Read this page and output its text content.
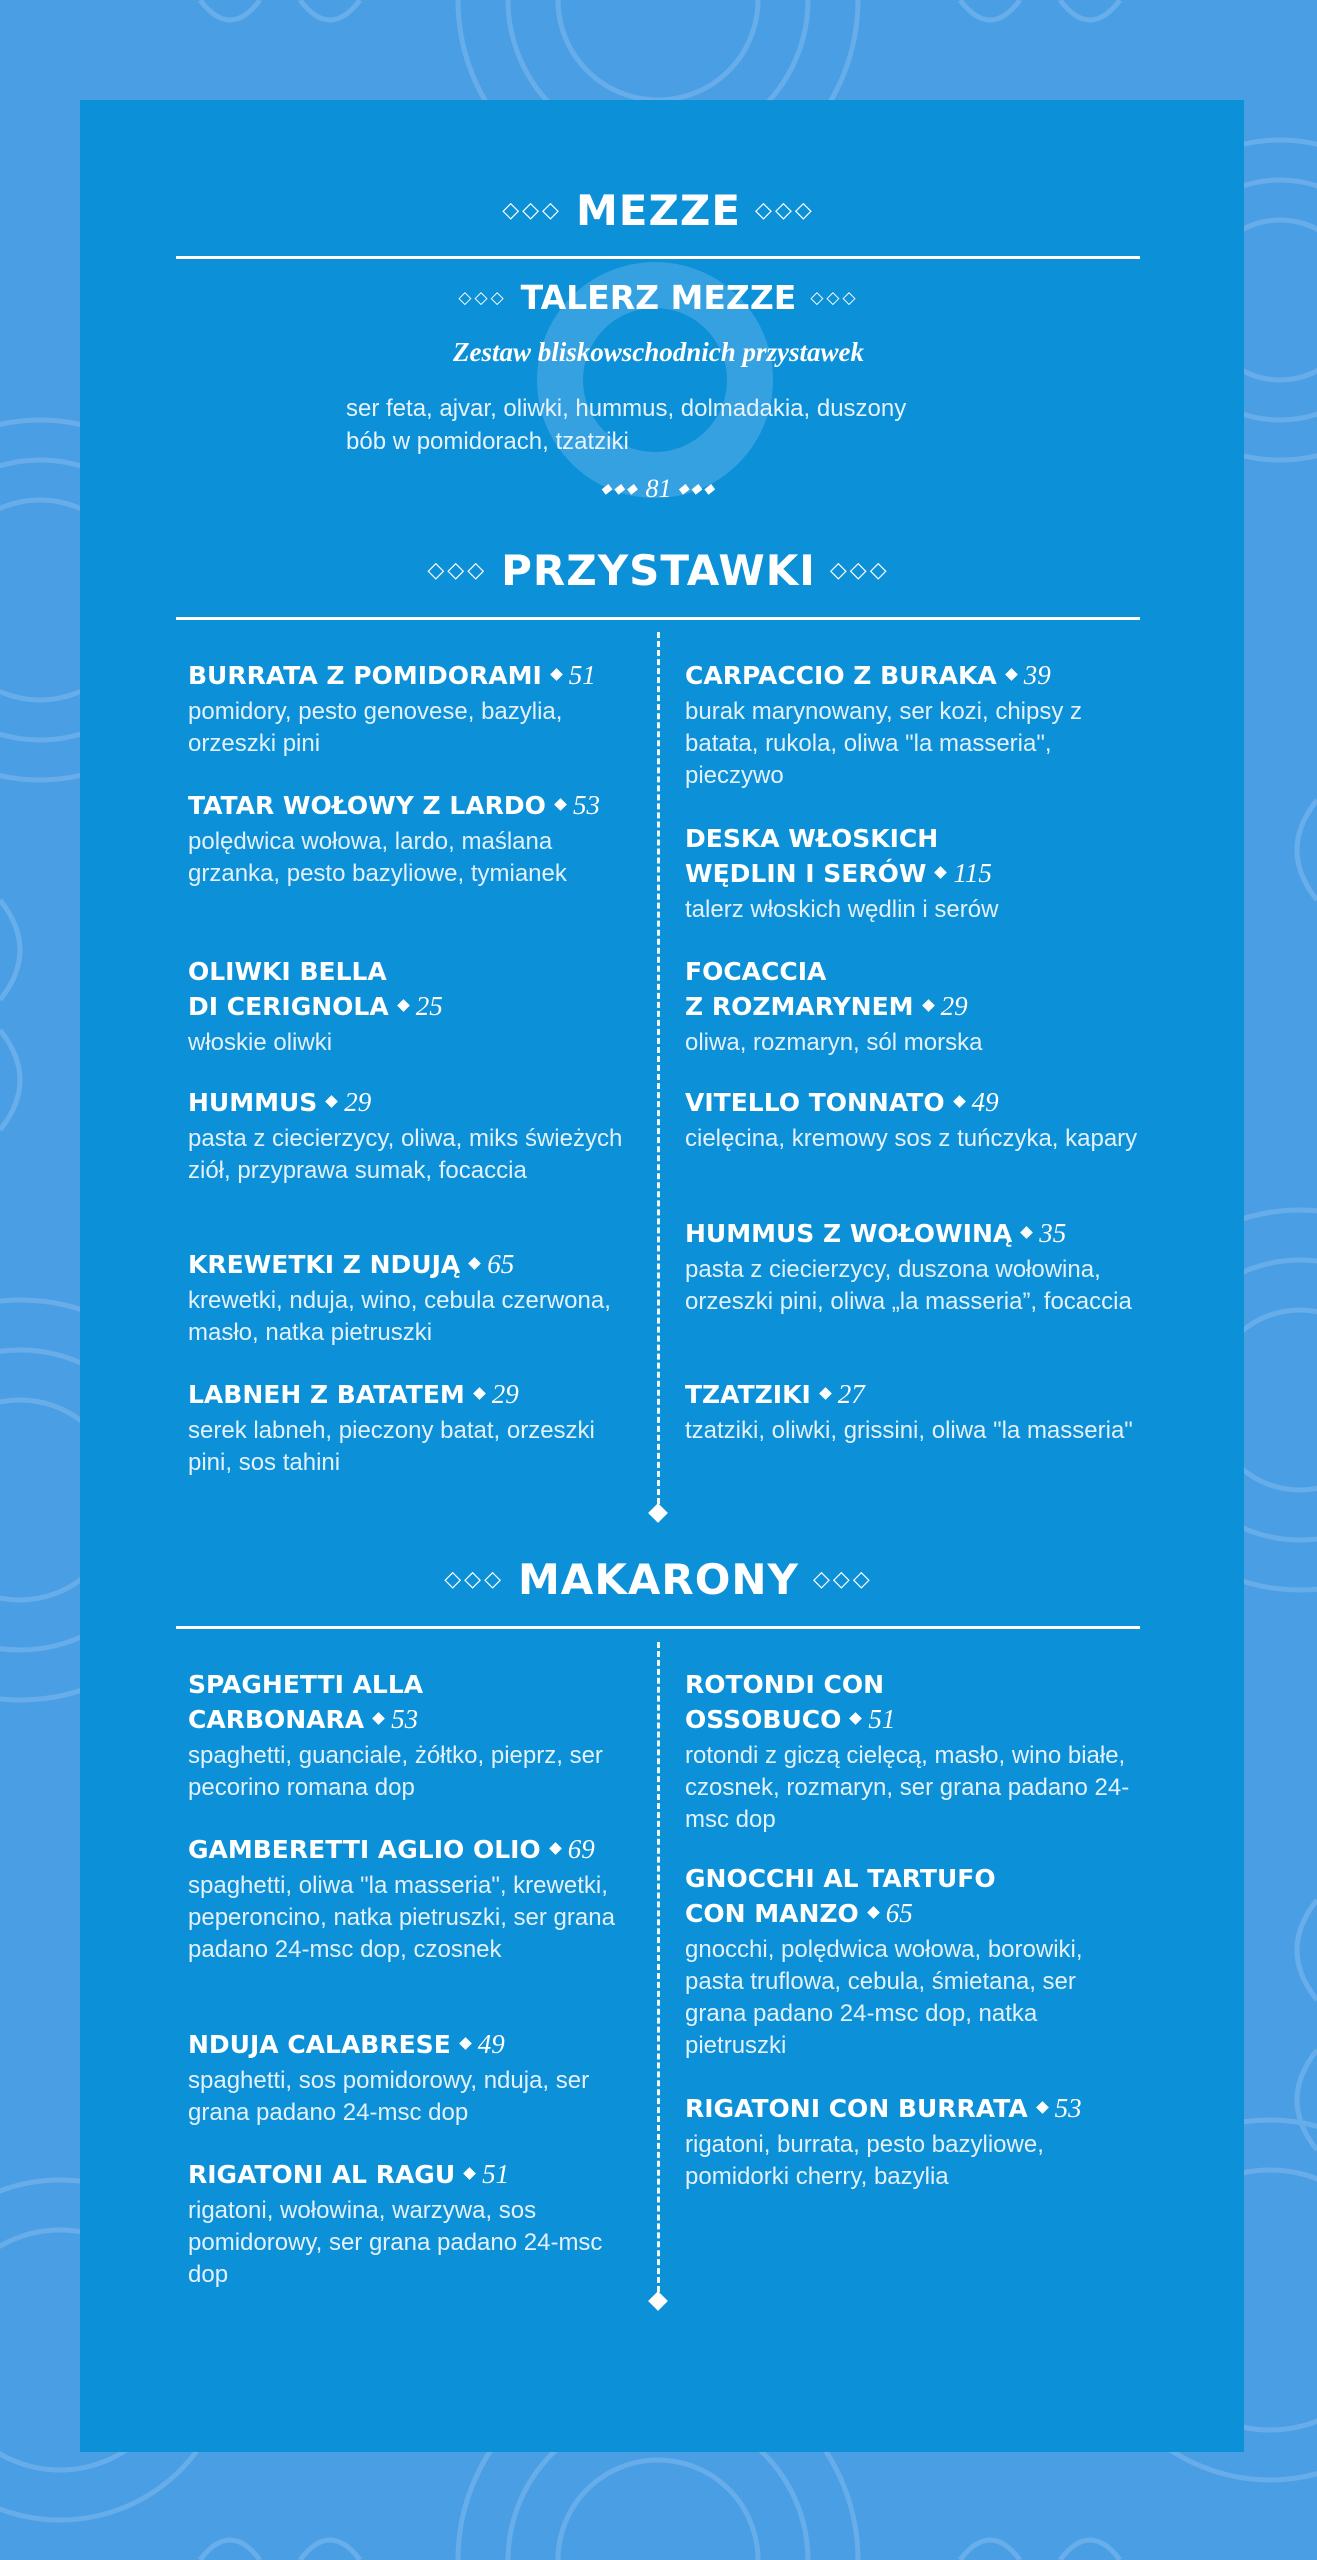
◇◇◇ MEZZE ◇◇◇
◇◇◇ TALERZ MEZZE ◇◇◇
Zestaw bliskowschodnich przystawek
ser feta, ajvar, oliwki, hummus, dolmadakia, duszony
bób w pomidorach, tzatziki
◆◆◆ 81 ◆◆◆
◇◇◇ PRZYSTAWKI ◇◇◇
BURRATA Z POMIDORAMI 51
pomidory, pesto genovese, bazylia, orzeszki pini
TATAR WOŁOWY Z LARDO 53
polędwica wołowa, lardo, maślana grzanka, pesto bazyliowe, tymianek
OLIWKI BELLA
DI CERIGNOLA 25
włoskie oliwki
HUMMUS 29
pasta z ciecierzycy, oliwa, miks świeżych ziół, przyprawa sumak, focaccia
KREWETKI Z NDUJĄ 65
krewetki, nduja, wino, cebula czerwona, masło, natka pietruszki
LABNEH Z BATATEM 29
serek labneh, pieczony batat, orzeszki pini, sos tahini
CARPACCIO Z BURAKA 39
burak marynowany, ser kozi, chipsy z batata, rukola, oliwa "la masseria", pieczywo
DESKA WŁOSKICH
WĘDLIN I SERÓW 115
talerz włoskich wędlin i serów
FOCACCIA
Z ROZMARYNEM 29
oliwa, rozmaryn, sól morska
VITELLO TONNATO 49
cielęcina, kremowy sos z tuńczyka, kapary
HUMMUS Z WOŁOWINĄ 35
pasta z ciecierzycy, duszona wołowina, orzeszki pini, oliwa „la masseria”, focaccia
TZATZIKI 27
tzatziki, oliwki, grissini, oliwa "la masseria"
◇◇◇ MAKARONY ◇◇◇
SPAGHETTI ALLA
CARBONARA 53
spaghetti, guanciale, żółtko, pieprz, ser pecorino romana dop
GAMBERETTI AGLIO OLIO 69
spaghetti, oliwa "la masseria", krewetki, peperoncino, natka pietruszki, ser grana padano 24-msc dop, czosnek
NDUJA CALABRESE 49
spaghetti, sos pomidorowy, nduja, ser grana padano 24-msc dop
RIGATONI AL RAGU 51
rigatoni, wołowina, warzywa, sos pomidorowy, ser grana padano 24-msc dop
ROTONDI CON
OSSOBUCO 51
rotondi z giczą cielęcą, masło, wino białe, czosnek, rozmaryn, ser grana padano 24-msc dop
GNOCCHI AL TARTUFO
CON MANZO 65
gnocchi, polędwica wołowa, borowiki, pasta truflowa, cebula, śmietana, ser grana padano 24-msc dop, natka pietruszki
RIGATONI CON BURRATA 53
rigatoni, burrata, pesto bazyliowe, pomidorki cherry, bazylia
